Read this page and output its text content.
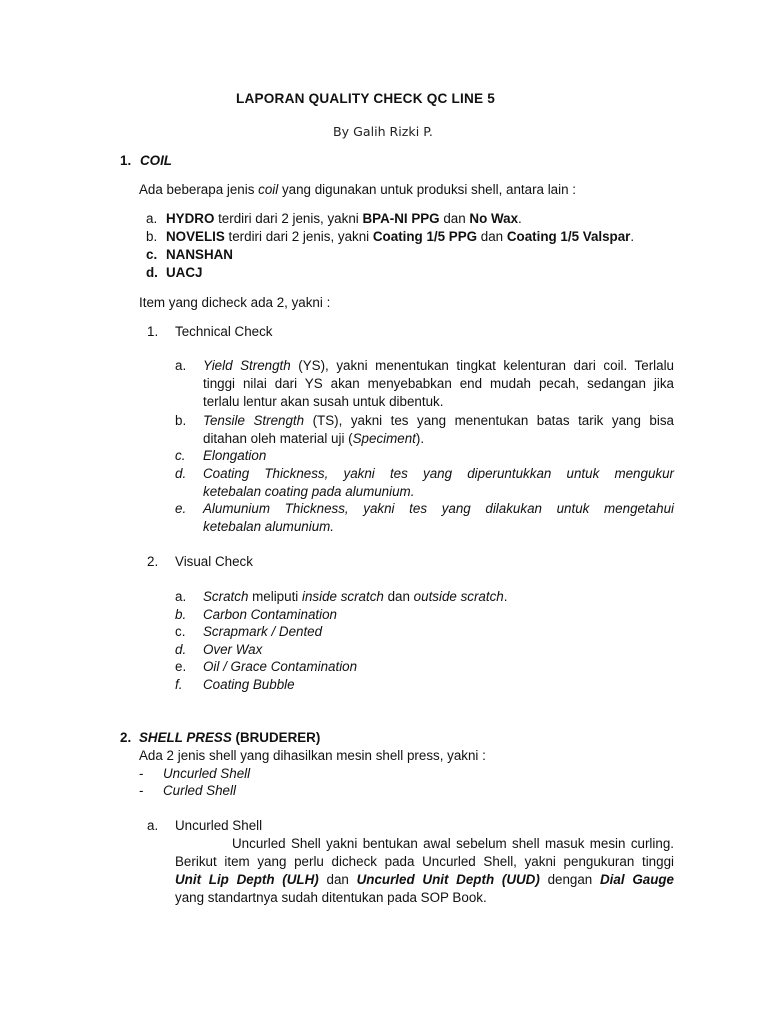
LAPORAN QUALITY CHECK QC LINE 5
By Galih Rizki P.
1. COIL
Ada beberapa jenis coil yang digunakan untuk produksi shell, antara lain :
a. HYDRO terdiri dari 2 jenis, yakni BPA-NI PPG dan No Wax.
b. NOVELIS terdiri dari 2 jenis, yakni Coating 1/5 PPG dan Coating 1/5 Valspar.
c. NANSHAN
d. UACJ
Item yang dicheck ada 2, yakni :
1. Technical Check
a. Yield Strength (YS), yakni menentukan tingkat kelenturan dari coil. Terlalu
tinggi nilai dari YS akan menyebabkan end mudah pecah, sedangan jika
terlalu lentur akan susah untuk dibentuk.
b. Tensile Strength (TS), yakni tes yang menentukan batas tarik yang bisa
ditahan oleh material uji (Speciment).
c. Elongation
d. Coating Thickness, yakni tes yang diperuntukkan untuk mengukur
ketebalan coating pada alumunium.
e. Alumunium Thickness, yakni tes yang dilakukan untuk mengetahui
ketebalan alumunium.
2. Visual Check
a. Scratch meliputi inside scratch dan outside scratch.
b. Carbon Contamination
c. Scrapmark / Dented
d. Over Wax
e. Oil / Grace Contamination
f. Coating Bubble
2. SHELL PRESS (BRUDERER)
Ada 2 jenis shell yang dihasilkan mesin shell press, yakni :
- Uncurled Shell
- Curled Shell
a. Uncurled Shell
Uncurled Shell yakni bentukan awal sebelum shell masuk mesin curling.
Berikut item yang perlu dicheck pada Uncurled Shell, yakni pengukuran tinggi
Unit Lip Depth (ULH) dan Uncurled Unit Depth (UUD) dengan Dial Gauge
yang standartnya sudah ditentukan pada SOP Book.
